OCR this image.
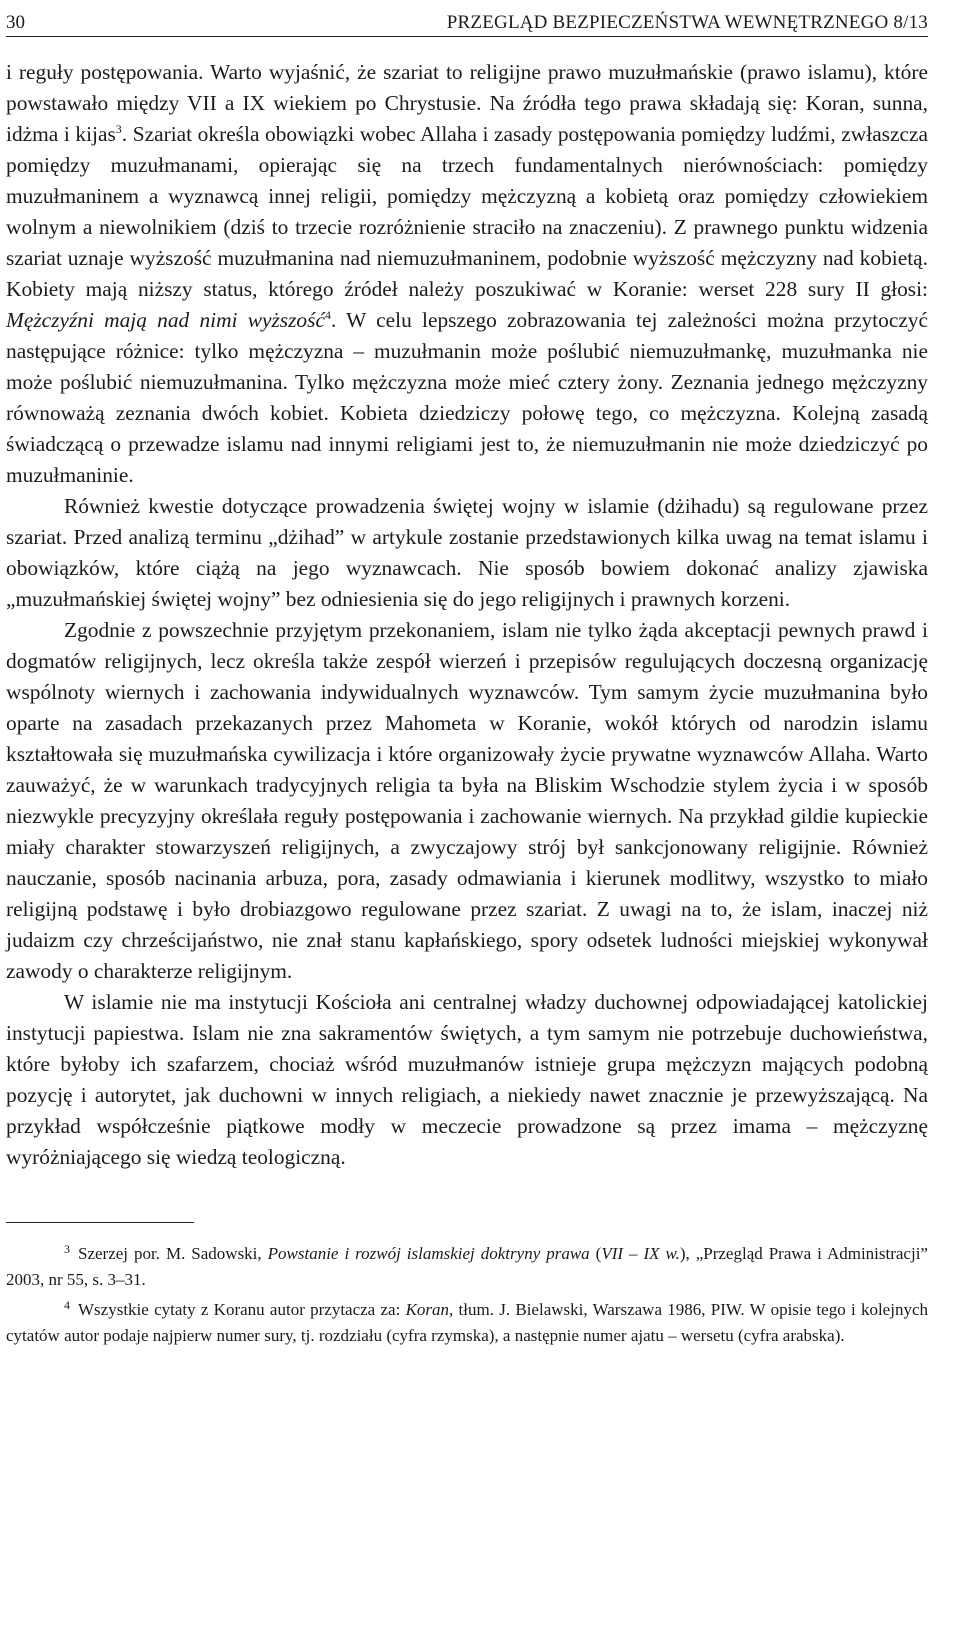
30	PRZEGLĄD BEZPIECZEŃSTWA WEWNĘTRZNEGO 8/13

i reguły postępowania. Warto wyjaśnić, że szariat to religijne prawo muzułmańskie (prawo islamu), które powstawało między VII a IX wiekiem po Chrystusie. Na źródła tego prawa składają się: Koran, sunna, idżma i kijas$^3$. Szariat określa obowiązki wobec Allaha i zasady postępowania pomiędzy ludźmi, zwłaszcza pomiędzy muzułmanami, opierając się na trzech fundamentalnych nierównościach: pomiędzy muzułmaninem a wyznawcą innej religii, pomiędzy mężczyzną a kobietą oraz pomiędzy człowiekiem wolnym a niewolnikiem (dziś to trzecie rozróżnienie straciło na znaczeniu). Z prawnego punktu widzenia szariat uznaje wyższość muzułmanina nad niemuzułmaninem, podobnie wyższość mężczyzny nad kobietą. Kobiety mają niższy status, którego źródeł należy poszukiwać w Koranie: werset 228 sury II głosi: Mężczyźni mają nad nimi wyższość$^4$. W celu lepszego zobrazowania tej zależności można przytoczyć następujące różnice: tylko mężczyzna – muzułmanin może poślubić niemuzułmankę, muzułmanka nie może poślubić niemuzułmanina. Tylko mężczyzna może mieć cztery żony. Zeznania jednego mężczyzny równoważą zeznania dwóch kobiet. Kobieta dziedziczy połowę tego, co mężczyzna. Kolejną zasadą świadczącą o przewadze islamu nad innymi religiami jest to, że niemuzułmanin nie może dziedziczyć po muzułmaninie.

Również kwestie dotyczące prowadzenia świętej wojny w islamie (dżihadu) są regulowane przez szariat. Przed analizą terminu „dżihad” w artykule zostanie przedstawionych kilka uwag na temat islamu i obowiązków, które ciążą na jego wyznawcach. Nie sposób bowiem dokonać analizy zjawiska „muzułmańskiej świętej wojny” bez odniesienia się do jego religijnych i prawnych korzeni.

Zgodnie z powszechnie przyjętym przekonaniem, islam nie tylko żąda akceptacji pewnych prawd i dogmatów religijnych, lecz określa także zespół wierzeń i przepisów regulujących doczesną organizację wspólnoty wiernych i zachowania indywidualnych wyznawców. Tym samym życie muzułmanina było oparte na zasadach przekazanych przez Mahometa w Koranie, wokół których od narodzin islamu kształtowała się muzułmańska cywilizacja i które organizowały życie prywatne wyznawców Allaha. Warto zauważyć, że w warunkach tradycyjnych religia ta była na Bliskim Wschodzie stylem życia i w sposób niezwykle precyzyjny określała reguły postępowania i zachowanie wiernych. Na przykład gildie kupieckie miały charakter stowarzyszeń religijnych, a zwyczajowy strój był sankcjonowany religijnie. Również nauczanie, sposób nacinania arbuza, pora, zasady odmawiania i kierunek modlitwy, wszystko to miało religijną podstawę i było drobiazgowo regulowane przez szariat. Z uwagi na to, że islam, inaczej niż judaizm czy chrześcijaństwo, nie znał stanu kapłańskiego, spory odsetek ludności miejskiej wykonywał zawody o charakterze religijnym.

W islamie nie ma instytucji Kościoła ani centralnej władzy duchownej odpowiadającej katolickiej instytucji papiestwa. Islam nie zna sakramentów świętych, a tym samym nie potrzebuje duchowieństwa, które byłoby ich szafarzem, chociaż wśród muzułmanów istnieje grupa mężczyzn mających podobną pozycję i autorytet, jak duchowni w innych religiach, a niekiedy nawet znacznie je przewyższającą. Na przykład współcześnie piątkowe modły w meczecie prowadzone są przez imama – mężczyznę wyróżniającego się wiedzą teologiczną.

3 Szerzej por. M. Sadowski, Powstanie i rozwój islamskiej doktryny prawa (VII – IX w.), „Przegląd Prawa i Administracji” 2003, nr 55, s. 3–31.

4 Wszystkie cytaty z Koranu autor przytacza za: Koran, tłum. J. Bielawski, Warszawa 1986, PIW. W opisie tego i kolejnych cytatów autor podaje najpierw numer sury, tj. rozdziału (cyfra rzymska), a następnie numer ajatu – wersetu (cyfra arabska).
